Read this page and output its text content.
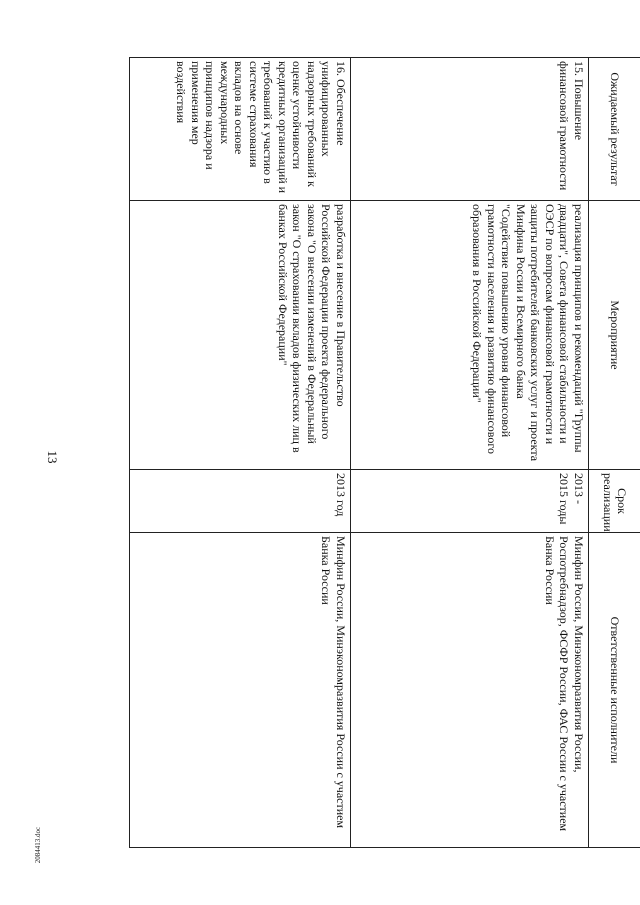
13
Ожидаемый результат	Мероприятие	Срок реализации	Ответственные исполнители
15. Повышение финансовой грамотности	реализация принципов и рекомендаций "Группы двадцати", Совета финансовой стабильности и ОЭСР по вопросам финансовой грамотности и защиты потребителей банковских услуг и проекта Минфина России и Всемирного банка "Содействие повышению уровня финансовой грамотности населения и развитию финансового образования в Российской Федерации"	2013 - 2015 годы	Минфин России, Минэкономразвития России, Роспотребнадзор, ФСФР России, ФАС России с участием Банка России
16. Обеспечение унифицированных надзорных требований к оценке устойчивости кредитных организаций и требований к участию в системе страхования вкладов на основе международных принципов надзора и применения мер воздействия	разработка и внесение в Правительство Российской Федерации проекта федерального закона "О внесении изменений в Федеральный закон "О страховании вкладов физических лиц в банках Российской Федерации"	2013 год	Минфин России, Минэкономразвития России с участием Банка России
2084413.doc
